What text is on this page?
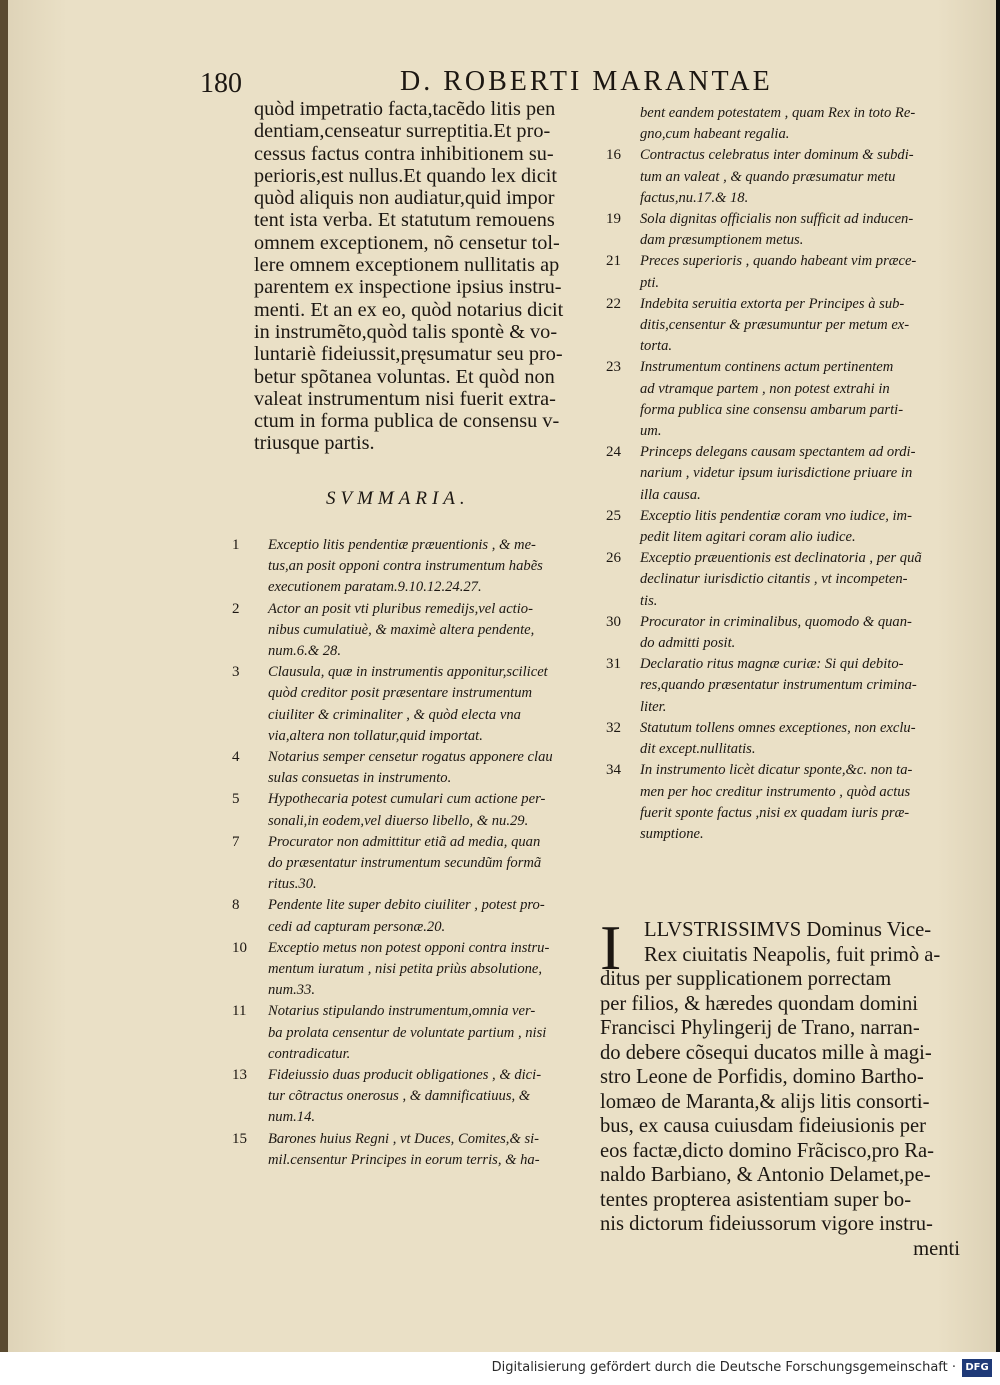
180	D. ROBERTI MARANTAE
quòd impetratio facta,tacẽdo litis pen
dentiam,censeatur surreptitia.Et pro-
cessus factus contra inhibitionem su-
perioris,est nullus.Et quando lex dicit
quòd aliquis non audiatur,quid impor
tent ista verba. Et statutum remouens
omnem exceptionem, nõ censetur tol-
lere omnem exceptionem nullitatis ap
parentem ex inspectione ipsius instru-
menti. Et an ex eo, quòd notarius dicit
in instrumẽto,quòd talis spontè & vo-
luntariè fideiussit,pręsumatur seu pro-
betur spõtanea voluntas. Et quòd non
valeat instrumentum nisi fuerit extra-
ctum in forma publica de consensu v-
triusque partis.
SVMMARIA.
1 Exceptio litis pendentiæ præuentionis , & me-
tus,an posit opponi contra instrumentum habẽs
executionem paratam.9.10.12.24.27.
2 Actor an posit vti pluribus remedijs,vel actio-
nibus cumulatiuè, & maximè altera pendente,
num.6.& 28.
3 Clausula, quæ in instrumentis apponitur,scilicet
quòd creditor posit præsentare instrumentum
ciuiliter & criminaliter , & quòd electa vna
via,altera non tollatur,quid importat.
4 Notarius semper censetur rogatus apponere clau
sulas consuetas in instrumento.
5 Hypothecaria potest cumulari cum actione per-
sonali,in eodem,vel diuerso libello, & nu.29.
7 Procurator non admittitur etiã ad media, quan
do præsentatur instrumentum secundũm formã
ritus.30.
8 Pendente lite super debito ciuiliter , potest pro-
cedi ad capturam personæ.20.
10 Exceptio metus non potest opponi contra instru-
mentum iuratum , nisi petita priùs absolutione,
num.33.
11 Notarius stipulando instrumentum,omnia ver-
ba prolata censentur de voluntate partium , nisi
contradicatur.
13 Fideiussio duas producit obligationes , & dici-
tur cõtractus onerosus , & damnificatiuus, &
num.14.
15 Barones huius Regni , vt Duces, Comites,& si-
mil.censentur Principes in eorum terris, & ha-
bent eandem potestatem , quam Rex in toto Re-
gno,cum habeant regalia.
16 Contractus celebratus inter dominum & subdi-
tum an valeat , & quando præsumatur metu
factus,nu.17.& 18.
19 Sola dignitas officialis non sufficit ad inducen-
dam præsumptionem metus.
21 Preces superioris , quando habeant vim præce-
pti.
22 Indebita seruitia extorta per Principes à sub-
ditis,censentur & præsumuntur per metum ex-
torta.
23 Instrumentum continens actum pertinentem
ad vtramque partem , non potest extrahi in
forma publica sine consensu ambarum parti-
um.
24 Princeps delegans causam spectantem ad ordi-
narium , videtur ipsum iurisdictione priuare in
illa causa.
25 Exceptio litis pendentiæ coram vno iudice, im-
pedit litem agitari coram alio iudice.
26 Exceptio præuentionis est declinatoria , per quã
declinatur iurisdictio citantis , vt incompeten-
tis.
30 Procurator in criminalibus, quomodo & quan-
do admitti posit.
31 Declaratio ritus magnæ curiæ: Si qui debito-
res,quando præsentatur instrumentum crimina-
liter.
32 Statutum tollens omnes exceptiones, non exclu-
dit except.nullitatis.
34 In instrumento licèt dicatur sponte,&c. non ta-
men per hoc creditur instrumento , quòd actus
fuerit sponte factus ,nisi ex quadam iuris præ-
sumptione.
I	LLVSTRISSIMVS Dominus Vice-
Rex ciuitatis Neapolis, fuit primò a-
ditus per supplicationem porrectam
per filios, & hæredes quondam domini
Francisci Phylingerij de Trano, narran-
do debere cõsequi ducatos mille à magi-
stro Leone de Porfidis, domino Bartho-
lomæo de Maranta,& alijs litis consorti-
bus, ex causa cuiusdam fideiusionis per
eos factæ,dicto domino Frãcisco,pro Ra-
naldo Barbiano, & Antonio Delamet,pe-
tentes propterea asistentiam super bo-
nis dictorum fideiussorum vigore instru-
menti
Digitalisierung gefördert durch die Deutsche Forschungsgemeinschaft · DFG
